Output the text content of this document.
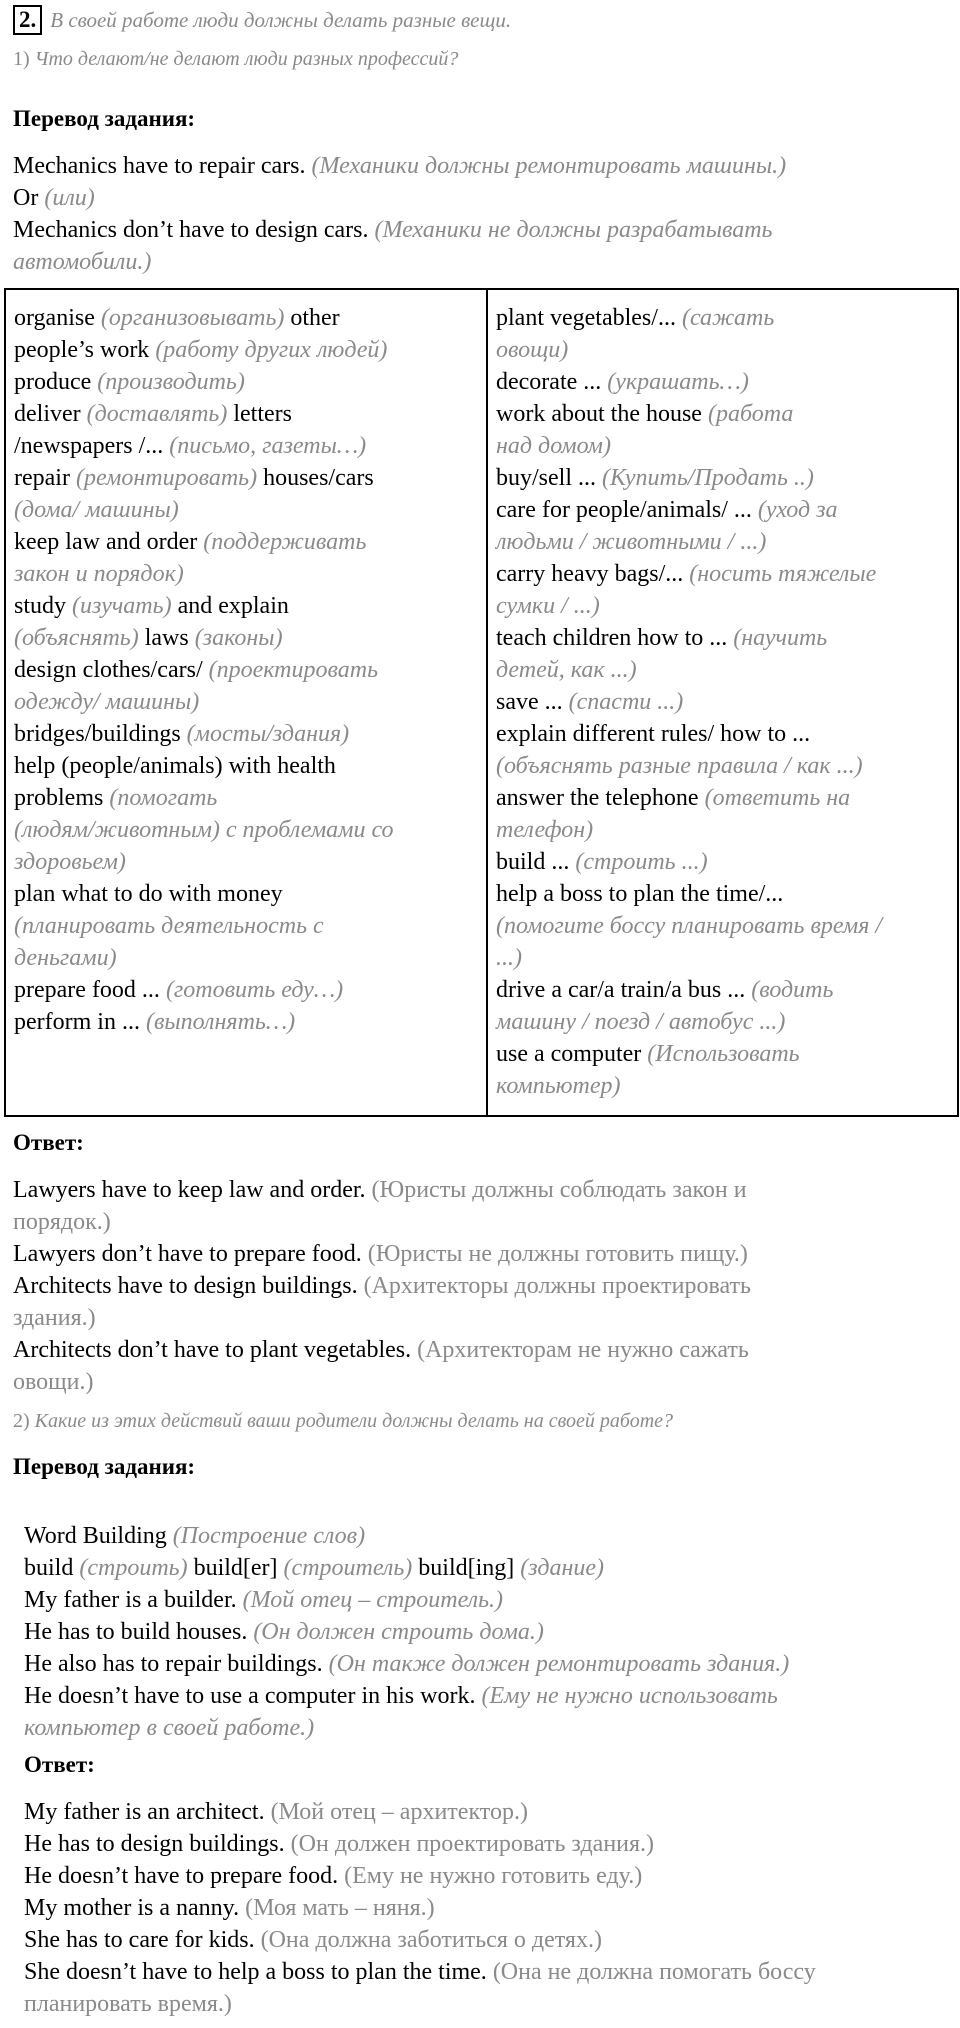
2. В своей работе люди должны делать разные вещи.
1) Что делают/не делают люди разных профессий?
Перевод задания:
Mechanics have to repair cars. (Механики должны ремонтировать машины.)
Or (или)
Mechanics don’t have to design cars. (Механики не должны разрабатывать
автомобили.)
organise (организовывать) other
people’s work (работу других людей)
produce (производить)
deliver (доставлять) letters
/newspapers /... (письмо, газеты…)
repair (ремонтировать) houses/cars
(дома/ машины)
keep law and order (поддерживать
закон и порядок)
study (изучать) and explain
(объяснять) laws (законы)
design clothes/cars/ (проектировать
одежду/ машины)
bridges/buildings (мосты/здания)
help (people/animals) with health
problems (помогать
(людям/животным) с проблемами со
здоровьем)
plan what to do with money
(планировать деятельность с
деньгами)
prepare food ... (готовить еду…)
perform in ... (выполнять…)

plant vegetables/... (сажать
овощи)
decorate ... (украшать…)
work about the house (работа
над домом)
buy/sell ... (Купить/Продать ..)
care for people/animals/ ... (уход за
людьми / животными / ...)
carry heavy bags/... (носить тяжелые
сумки / ...)
teach children how to ... (научить
детей, как ...)
save ... (спасти ...)
explain different rules/ how to ...
(объяснять разные правила / как ...)
answer the telephone (ответить на
телефон)
build ... (строить ...)
help a boss to plan the time/...
(помогите боссу планировать время /
...)
drive a car/a train/a bus ... (водить
машину / поезд / автобус ...)
use a computer (Использовать
компьютер)
Ответ:
Lawyers have to keep law and order. (Юристы должны соблюдать закон и
порядок.)
Lawyers don’t have to prepare food. (Юристы не должны готовить пищу.)
Architects have to design buildings. (Архитекторы должны проектировать
здания.)
Architects don’t have to plant vegetables. (Архитекторам не нужно сажать
овощи.)
2) Какие из этих действий ваши родители должны делать на своей работе?
Перевод задания:
Word Building (Построение слов)
build (строить) build[er] (строитель) build[ing] (здание)
My father is a builder. (Мой отец – строитель.)
He has to build houses. (Он должен строить дома.)
He also has to repair buildings. (Он также должен ремонтировать здания.)
He doesn’t have to use a computer in his work. (Ему не нужно использовать
компьютер в своей работе.)
Ответ:
My father is an architect. (Мой отец – архитектор.)
He has to design buildings. (Он должен проектировать здания.)
He doesn’t have to prepare food. (Ему не нужно готовить еду.)
My mother is a nanny. (Моя мать – няня.)
She has to care for kids. (Она должна заботиться о детях.)
She doesn’t have to help a boss to plan the time. (Она не должна помогать боссу
планировать время.)
